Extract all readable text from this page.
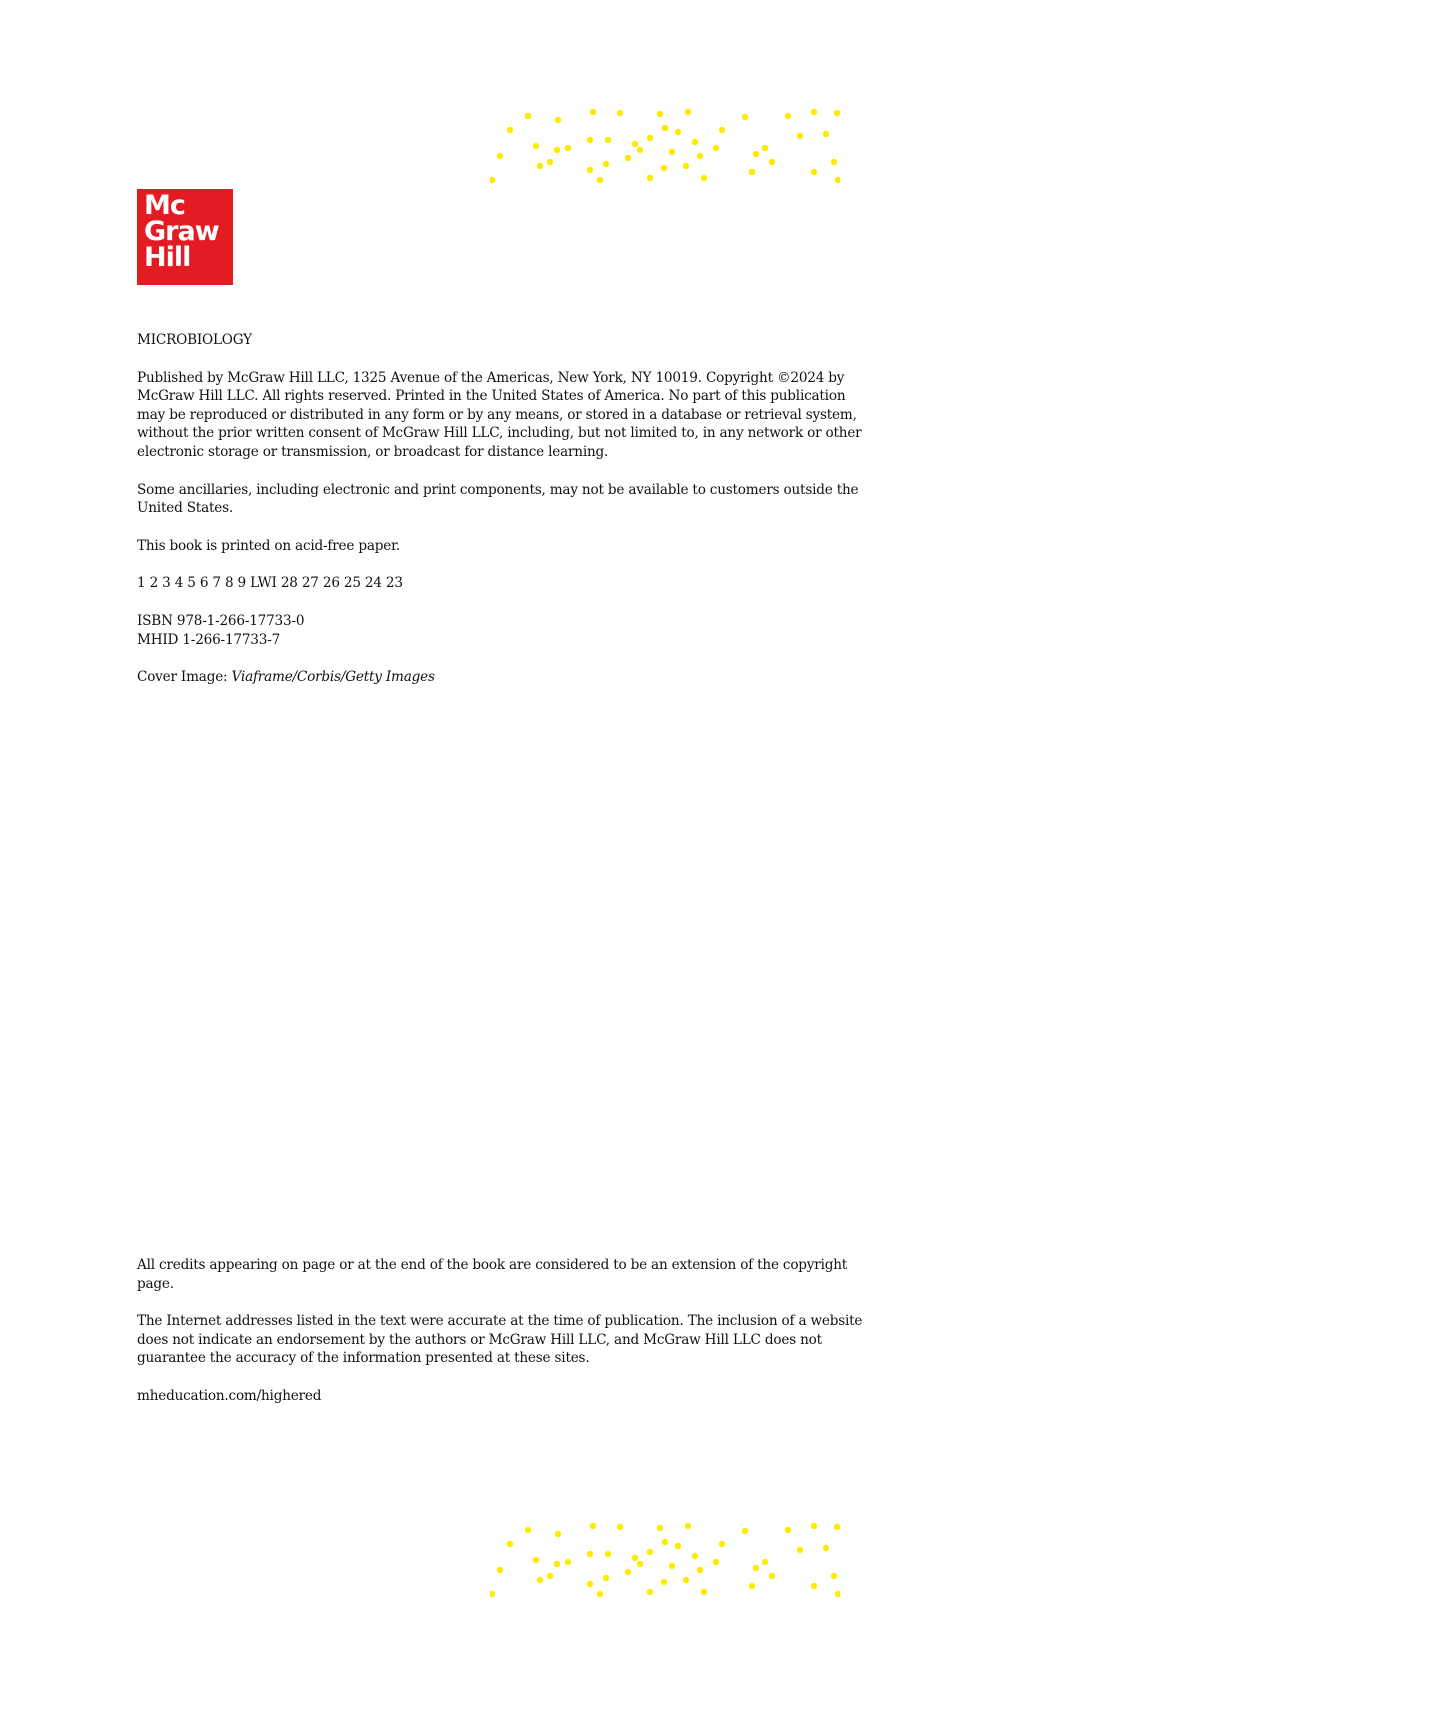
Mc
Graw
Hill

MICROBIOLOGY

Published by McGraw Hill LLC, 1325 Avenue of the Americas, New York, NY 10019. Copyright ©2024 by McGraw Hill LLC. All rights reserved. Printed in the United States of America. No part of this publication may be reproduced or distributed in any form or by any means, or stored in a database or retrieval system, without the prior written consent of McGraw Hill LLC, including, but not limited to, in any network or other electronic storage or transmission, or broadcast for distance learning.

Some ancillaries, including electronic and print components, may not be available to customers outside the United States.

This book is printed on acid-free paper.

1 2 3 4 5 6 7 8 9 LWI 28 27 26 25 24 23

ISBN 978-1-266-17733-0
MHID 1-266-17733-7

Cover Image: Viaframe/Corbis/Getty Images

All credits appearing on page or at the end of the book are considered to be an extension of the copyright page.

The Internet addresses listed in the text were accurate at the time of publication. The inclusion of a website does not indicate an endorsement by the authors or McGraw Hill LLC, and McGraw Hill LLC does not guarantee the accuracy of the information presented at these sites.

mheducation.com/highered
